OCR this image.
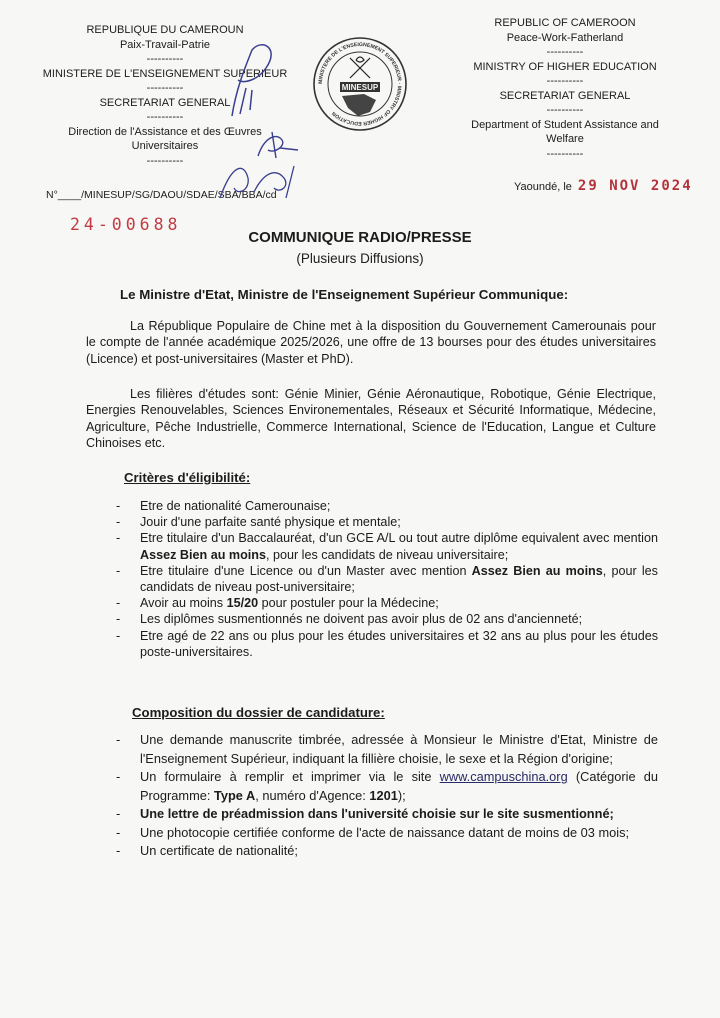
REPUBLIQUE DU CAMEROUN
Paix-Travail-Patrie
----------
MINISTERE DE L'ENSEIGNEMENT SUPERIEUR
----------
SECRETARIAT GENERAL
----------
Direction de l'Assistance et des Œuvres
Universitaires
----------
REPUBLIC OF CAMEROON
Peace-Work-Fatherland
----------
MINISTRY OF HIGHER EDUCATION
----------
SECRETARIAT GENERAL
----------
Department of Student Assistance and
Welfare
----------
MINISTERE DE L'ENSEIGNEMENT SUPERIEUR · MINISTRY OF HIGHER EDUCATION
MINESUP
N°____/MINESUP/SG/DAOU/SDAE/SBA/BBA/cd
Yaoundé, le 29 NOV 2024
24-00688
COMMUNIQUE RADIO/PRESSE
(Plusieurs Diffusions)
Le Ministre d'Etat, Ministre de l'Enseignement Supérieur Communique:
La République Populaire de Chine met à la disposition du Gouvernement Camerounais pour le compte de l'année académique 2025/2026, une offre de 13 bourses pour des études universitaires (Licence) et post-universitaires (Master et PhD).
Les filières d'études sont: Génie Minier, Génie Aéronautique, Robotique, Génie Electrique, Energies Renouvelables, Sciences Environementales, Réseaux et Sécurité Informatique, Médecine, Agriculture, Pêche Industrielle, Commerce International, Science de l'Education, Langue et Culture Chinoises etc.
Critères d'éligibilité:
- Etre de nationalité Camerounaise;
- Jouir d'une parfaite santé physique et mentale;
- Etre titulaire d'un Baccalauréat, d'un GCE A/L ou tout autre diplôme equivalent avec mention Assez Bien au moins, pour les candidats de niveau universitaire;
- Etre titulaire d'une Licence ou d'un Master avec mention Assez Bien au moins, pour les candidats de niveau post-universitaire;
- Avoir au moins 15/20 pour postuler pour la Médecine;
- Les diplômes susmentionnés ne doivent pas avoir plus de 02 ans d'ancienneté;
- Etre agé de 22 ans ou plus pour les études universitaires et 32 ans au plus pour les études poste-universitaires.
Composition du dossier de candidature:
- Une demande manuscrite timbrée, adressée à Monsieur le Ministre d'Etat, Ministre de l'Enseignement Supérieur, indiquant la fillière choisie, le sexe et la Région d'origine;
- Un formulaire à remplir et imprimer via le site www.campuschina.org (Catégorie du Programme: Type A, numéro d'Agence: 1201);
- Une lettre de préadmission dans l'université choisie sur le site susmentionné;
- Une photocopie certifiée conforme de l'acte de naissance datant de moins de 03 mois;
- Un certificate de nationalité;
